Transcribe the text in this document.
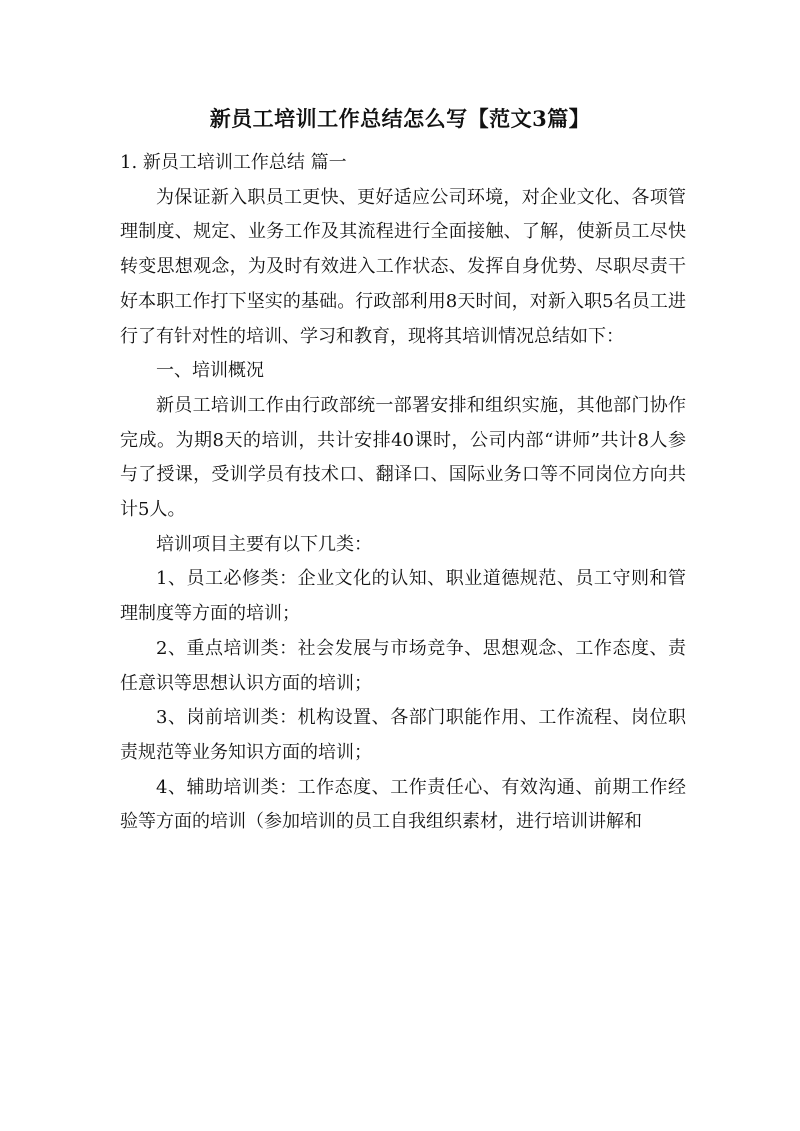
新员工培训工作总结怎么写【范文3篇】

1. 新员工培训工作总结 篇一

为保证新入职员工更快、更好适应公司环境，对企业文化、各项管理制度、规定、业务工作及其流程进行全面接触、了解，使新员工尽快转变思想观念，为及时有效进入工作状态、发挥自身优势、尽职尽责干好本职工作打下坚实的基础。行政部利用8天时间，对新入职5名员工进行了有针对性的培训、学习和教育，现将其培训情况总结如下：

一、培训概况

新员工培训工作由行政部统一部署安排和组织实施，其他部门协作完成。为期8天的培训，共计安排40课时，公司内部“讲师”共计8人参与了授课，受训学员有技术口、翻译口、国际业务口等不同岗位方向共计5人。

培训项目主要有以下几类：

1、员工必修类：企业文化的认知、职业道德规范、员工守则和管理制度等方面的培训；

2、重点培训类：社会发展与市场竞争、思想观念、工作态度、责任意识等思想认识方面的培训；

3、岗前培训类：机构设置、各部门职能作用、工作流程、岗位职责规范等业务知识方面的培训；

4、辅助培训类：工作态度、工作责任心、有效沟通、前期工作经验等方面的培训（参加培训的员工自我组织素材，进行培训讲解和
